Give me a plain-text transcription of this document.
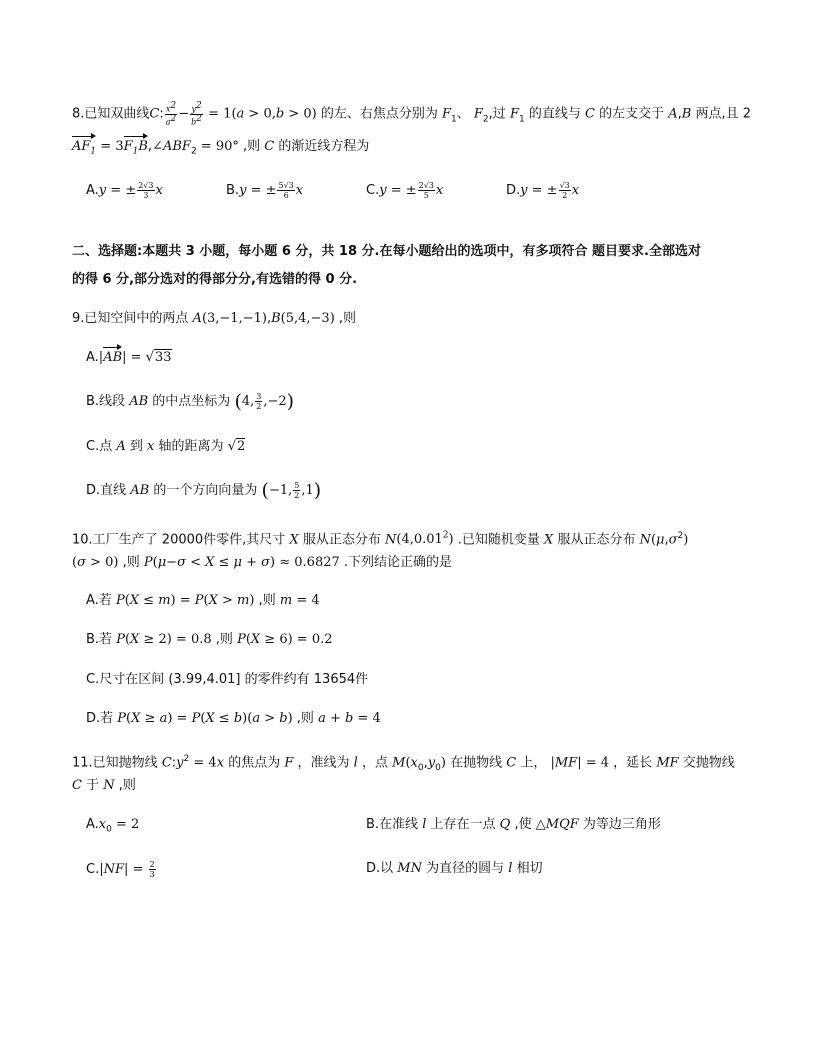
8.已知双曲线C: $\frac{x^2}{a^2} - \frac{y^2}{b^2} = 1(a > 0,b > 0)$ 的左、右焦点分别为 $F_1$、 $F_2$,过 $F_1$ 的直线与 C 的左支交于 A,B 两点,且 2
$AF_1$ = $3F_1B,\angle ABF_2 = 90^\circ$ ,则 C 的渐近线方程为
A.y = ± $\frac{2√3}{3}$ x	B.y = ± $\frac{5√3}{6}$ x	C.y = ± $\frac{2√3}{5}$ x	D.y = ± $\frac{√3}{2}$ x
二、选择题:本题共 3 小题，每小题 6 分，共 18 分.在每小题给出的选项中，有多项符合 题目要求.全部选对
的得 6 分,部分选对的得部分分,有选错的得 0 分.
9.已知空间中的两点 A(3,−1,−1),B(5,4,−3) ,则
A.|AB| = √33
B.线段 AB 的中点坐标为 (4, $\frac{3}{2} ,-2$)
C.点 A 到 x 轴的距离为 √2
D.直线 AB 的一个方向向量为 (−1, $\frac{5}{2} ,1$)
10.工厂生产了 20000件零件,其尺寸 X 服从正态分布 N(4,0.01$^2$) .已知随机变量 X 服从正态分布 $N(\mu,\sigma^2)$
(σ > 0) ,则 P(μ−σ < X ≤ μ + σ) ≈ 0.6827 .下列结论正确的是
A.若 P(X ≤ m) = P(X > m) ,则 m = 4
B.若 P(X ≥ 2) = 0.8 ,则 P(X ≥ 6) = 0.2
C.尺寸在区间 (3.99,4.01] 的零件约有 13654件
D.若 P(X ≥ a) = P(X ≤ b)(a > b) ,则 a + b = 4
11.已知抛物线 $C:y^2 = 4x$ 的焦点为 F ，准线为 l ，点 $M(x_0,y_0)$ 在抛物线 C 上， |MF| = 4 ，延长 MF 交抛物线
C 于 N ,则
$A.x_0 = 2$	B.在准线 l 上存在一点 Q ,使 △MQF 为等边三角形
$C.|NF| = \frac{2}{3}$	D.以 MN 为直径的圆与 l 相切
